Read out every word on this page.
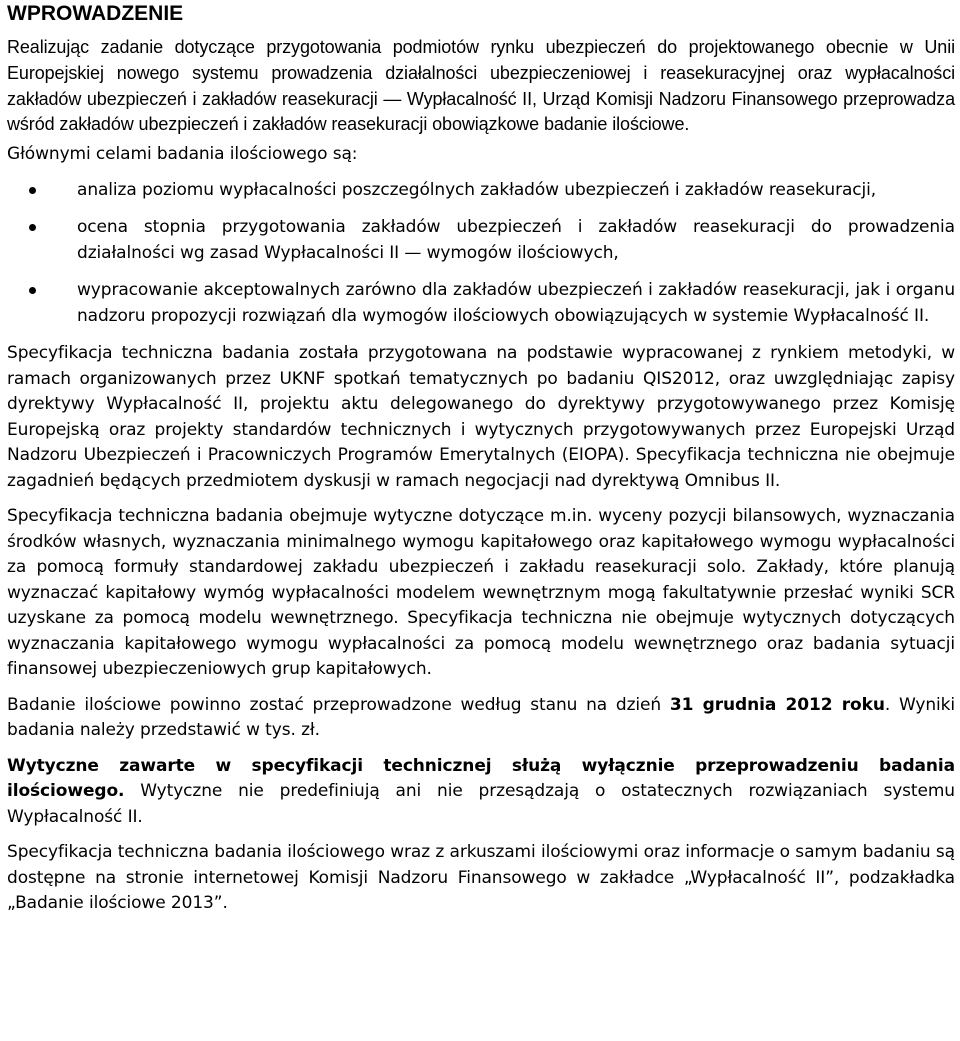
WPROWADZENIE

Realizując zadanie dotyczące przygotowania podmiotów rynku ubezpieczeń do projektowanego obecnie w Unii Europejskiej nowego systemu prowadzenia działalności ubezpieczeniowej i reasekuracyjnej oraz wypłacalności zakładów ubezpieczeń i zakładów reasekuracji — Wypłacalność II, Urząd Komisji Nadzoru Finansowego przeprowadza wśród zakładów ubezpieczeń i zakładów reasekuracji obowiązkowe badanie ilościowe.

Głównymi celami badania ilościowego są:

analiza poziomu wypłacalności poszczególnych zakładów ubezpieczeń i zakładów reasekuracji,

ocena stopnia przygotowania zakładów ubezpieczeń i zakładów reasekuracji do prowadzenia działalności wg zasad Wypłacalności II — wymogów ilościowych,

wypracowanie akceptowalnych zarówno dla zakładów ubezpieczeń i zakładów reasekuracji, jak i organu nadzoru propozycji rozwiązań dla wymogów ilościowych obowiązujących w systemie Wypłacalność II.

Specyfikacja techniczna badania została przygotowana na podstawie wypracowanej z rynkiem metodyki, w ramach organizowanych przez UKNF spotkań tematycznych po badaniu QIS2012, oraz uwzględniając zapisy dyrektywy Wypłacalność II, projektu aktu delegowanego do dyrektywy przygotowywanego przez Komisję Europejską oraz projekty standardów technicznych i wytycznych przygotowywanych przez Europejski Urząd Nadzoru Ubezpieczeń i Pracowniczych Programów Emerytalnych (EIOPA). Specyfikacja techniczna nie obejmuje zagadnień będących przedmiotem dyskusji w ramach negocjacji nad dyrektywą Omnibus II.

Specyfikacja techniczna badania obejmuje wytyczne dotyczące m.in. wyceny pozycji bilansowych, wyznaczania środków własnych, wyznaczania minimalnego wymogu kapitałowego oraz kapitałowego wymogu wypłacalności za pomocą formuły standardowej zakładu ubezpieczeń i zakładu reasekuracji solo. Zakłady, które planują wyznaczać kapitałowy wymóg wypłacalności modelem wewnętrznym mogą fakultatywnie przesłać wyniki SCR uzyskane za pomocą modelu wewnętrznego. Specyfikacja techniczna nie obejmuje wytycznych dotyczących wyznaczania kapitałowego wymogu wypłacalności za pomocą modelu wewnętrznego oraz badania sytuacji finansowej ubezpieczeniowych grup kapitałowych.

Badanie ilościowe powinno zostać przeprowadzone według stanu na dzień 31 grudnia 2012 roku. Wyniki badania należy przedstawić w tys. zł.

Wytyczne zawarte w specyfikacji technicznej służą wyłącznie przeprowadzeniu badania ilościowego. Wytyczne nie predefiniują ani nie przesądzają o ostatecznych rozwiązaniach systemu Wypłacalność II.

Specyfikacja techniczna badania ilościowego wraz z arkuszami ilościowymi oraz informacje o samym badaniu są dostępne na stronie internetowej Komisji Nadzoru Finansowego w zakładce „Wypłacalność II”, podzakładka „Badanie ilościowe 2013”.
